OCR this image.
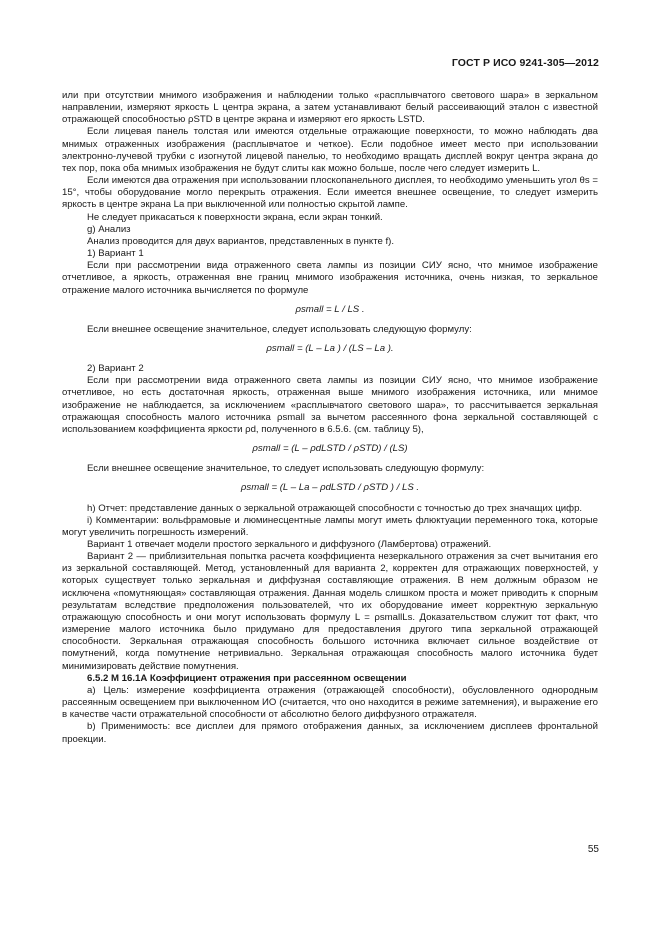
ГОСТ Р ИСО 9241-305—2012

или при отсутствии мнимого изображения и наблюдении только «расплывчатого светового шара» в зеркальном направлении, измеряют яркость L центра экрана, а затем устанавливают белый рассеивающий эталон с известной отражающей способностью ρSTD в центре экрана и измеряют его яркость LSTD.

Если лицевая панель толстая или имеются отдельные отражающие поверхности, то можно наблюдать два мнимых отраженных изображения (расплывчатое и четкое). Если подобное имеет место при использовании электронно-лучевой трубки с изогнутой лицевой панелью, то необходимо вращать дисплей вокруг центра экрана до тех пор, пока оба мнимых изображения не будут слиты как можно больше, после чего следует измерить L.

Если имеются два отражения при использовании плоскопанельного дисплея, то необходимо уменьшить угол θs = 15°, чтобы оборудование могло перекрыть отражения. Если имеется внешнее освещение, то следует измерить яркость в центре экрана La при выключенной или полностью скрытой лампе.

Не следует прикасаться к поверхности экрана, если экран тонкий.

g) Анализ

Анализ проводится для двух вариантов, представленных в пункте f).

1) Вариант 1

Если при рассмотрении вида отраженного света лампы из позиции СИУ ясно, что мнимое изображение отчетливое, а яркость, отраженная вне границ мнимого изображения источника, очень низкая, то зеркальное отражение малого источника вычисляется по формуле

ρsmall = L / LS .

Если внешнее освещение значительное, следует использовать следующую формулу:

ρsmall = (L – La ) / (LS – La ).

2) Вариант 2

Если при рассмотрении вида отраженного света лампы из позиции СИУ ясно, что мнимое изображение отчетливое, но есть достаточная яркость, отраженная выше мнимого изображения источника, или мнимое изображение не наблюдается, за исключением «расплывчатого светового шара», то рассчитывается зеркальная отражающая способность малого источника ρsmall за вычетом рассеянного фона зеркальной составляющей с использованием коэффициента яркости ρd, полученного в 6.5.6. (см. таблицу 5),

ρsmall = (L – ρdLSTD / ρSTD) / (LS)

Если внешнее освещение значительное, то следует использовать следующую формулу:

ρsmall = (L – La – ρdLSTD / ρSTD ) / LS .

h) Отчет: представление данных о зеркальной отражающей способности с точностью до трех значащих цифр.

i) Комментарии: вольфрамовые и люминесцентные лампы могут иметь флюктуации переменного тока, которые могут увеличить погрешность измерений.

Вариант 1 отвечает модели простого зеркального и диффузного (Ламбертова) отражений.

Вариант 2 — приблизительная попытка расчета коэффициента незеркального отражения за счет вычитания его из зеркальной составляющей. Метод, установленный для варианта 2, корректен для отражающих поверхностей, у которых существует только зеркальная и диффузная составляющие отражения. В нем должным образом не исключена «помутняющая» составляющая отражения. Данная модель слишком проста и может приводить к спорным результатам вследствие предположения пользователей, что их оборудование имеет корректную зеркальную отражающую способность и они могут использовать формулу L = ρsmallLs. Доказательством служит тот факт, что измерение малого источника было придумано для предоставления другого типа зеркальной отражающей способности. Зеркальная отражающая способность большого источника включает сильное воздействие от помутнений, когда помутнение нетривиально. Зеркальная отражающая способность малого источника будет минимизировать действие помутнения.

6.5.2 М 16.1А Коэффициент отражения при рассеянном освещении

а) Цель: измерение коэффициента отражения (отражающей способности), обусловленного однородным рассеянным освещением при выключенном ИО (считается, что оно находится в режиме затемнения), и выражение его в качестве части отражательной способности от абсолютно белого диффузного отражателя.

b) Применимость: все дисплеи для прямого отображения данных, за исключением дисплеев фронтальной проекции.

55
